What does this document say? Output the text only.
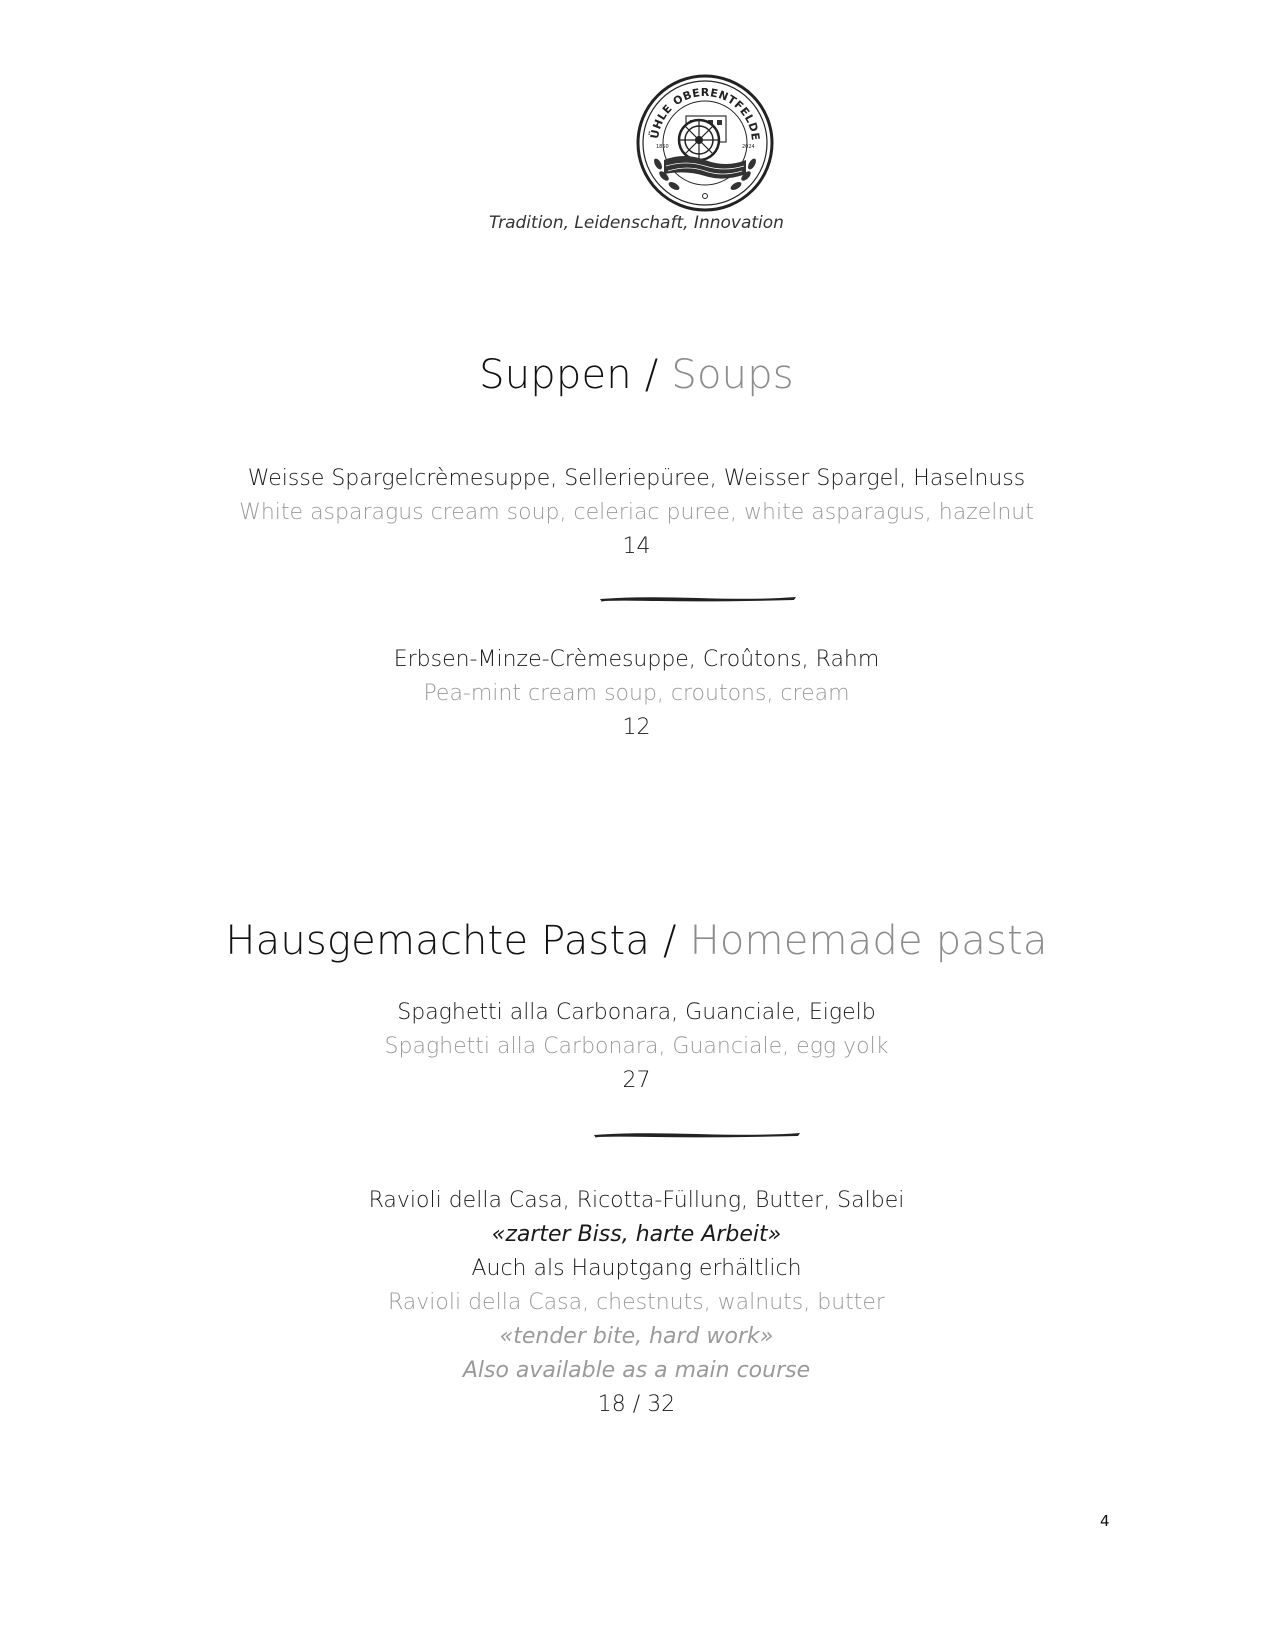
ÜHLE OBERENTFELDE
1850	2024
Tradition, Leidenschaft, Innovation
Suppen / Soups
Weisse Spargelcrèmesuppe, Selleriepüree, Weisser Spargel, Haselnuss
White asparagus cream soup, celeriac puree, white asparagus, hazelnut
14
Erbsen-Minze-Crèmesuppe, Croûtons, Rahm
Pea-mint cream soup, croutons, cream
12
Hausgemachte Pasta / Homemade pasta
Spaghetti alla Carbonara, Guanciale, Eigelb
Spaghetti alla Carbonara, Guanciale, egg yolk
27
Ravioli della Casa, Ricotta-Füllung, Butter, Salbei
«zarter Biss, harte Arbeit»
Auch als Hauptgang erhältlich
Ravioli della Casa, chestnuts, walnuts, butter
«tender bite, hard work»
Also available as a main course
18 / 32
4
